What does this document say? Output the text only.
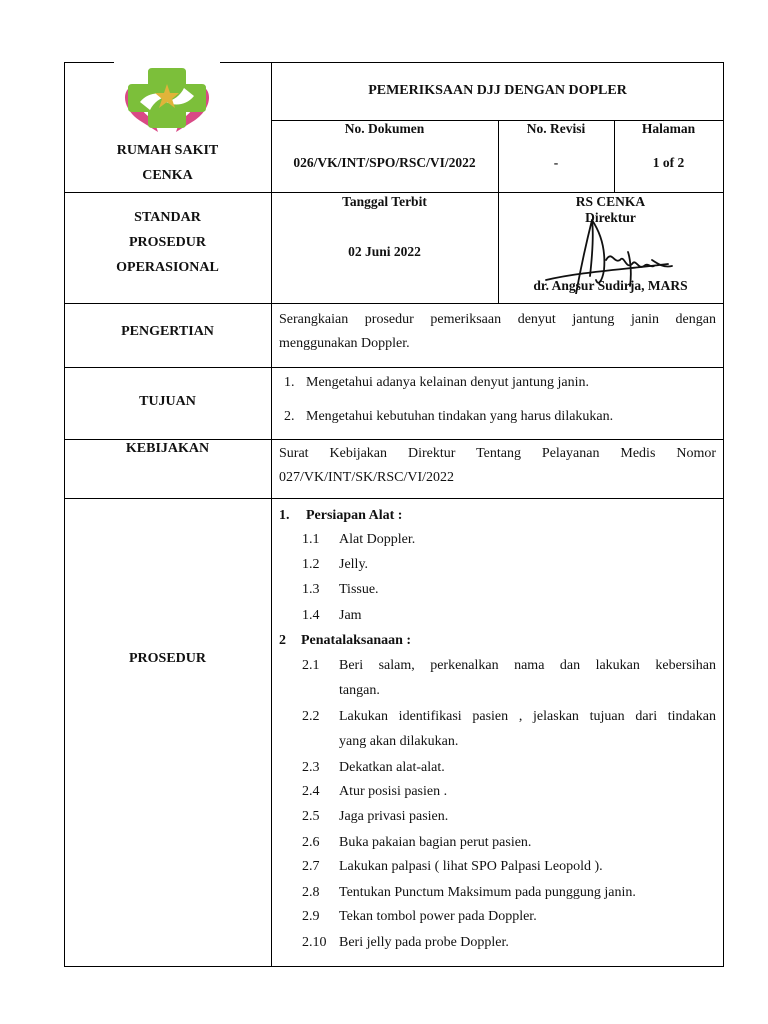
PEMERIKSAAN DJJ DENGAN DOPLER
RUMAH SAKIT
CENKA
No. Dokumen
026/VK/INT/SPO/RSC/VI/2022
No. Revisi
-
Halaman
1 of 2
STANDAR
PROSEDUR
OPERASIONAL
Tanggal Terbit
02 Juni 2022
RS CENKA
Direktur
dr. Angsur Sudirja, MARS
PENGERTIAN
Serangkaian prosedur pemeriksaan denyut jantung janin dengan
menggunakan Doppler.
TUJUAN
1. Mengetahui adanya kelainan denyut jantung janin.
2. Mengetahui kebutuhan tindakan yang harus dilakukan.
KEBIJAKAN	Surat Kebijakan Direktur Tentang Pelayanan Medis Nomor
027/VK/INT/SK/RSC/VI/2022
PROSEDUR
1. Persiapan Alat :
1.1 Alat Doppler.
1.2 Jelly.
1.3 Tissue.
1.4 Jam
2 Penatalaksanaan :
2.1 Beri salam, perkenalkan nama dan lakukan kebersihan
tangan.
2.2 Lakukan identifikasi pasien , jelaskan tujuan dari tindakan
yang akan dilakukan.
2.3 Dekatkan alat-alat.
2.4 Atur posisi pasien .
2.5 Jaga privasi pasien.
2.6 Buka pakaian bagian perut pasien.
2.7 Lakukan palpasi ( lihat SPO Palpasi Leopold ).
2.8 Tentukan Punctum Maksimum pada punggung janin.
2.9 Tekan tombol power pada Doppler.
2.10 Beri jelly pada probe Doppler.
